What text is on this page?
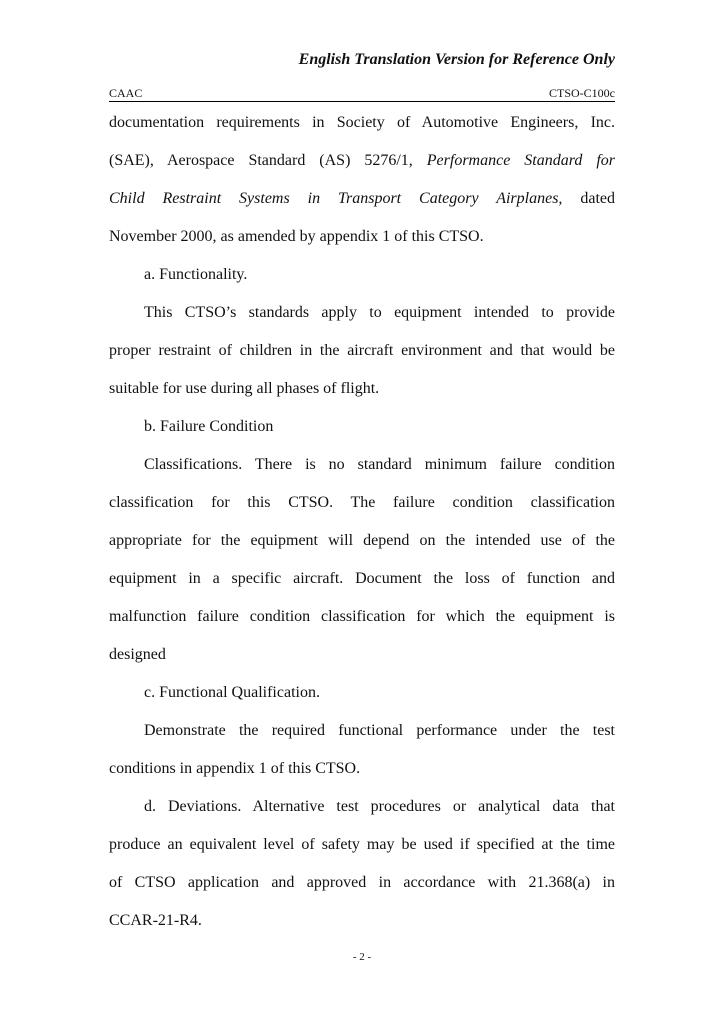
English Translation Version for Reference Only
CAAC	CTSO-C100c
documentation requirements in Society of Automotive Engineers, Inc.
(SAE), Aerospace Standard (AS) 5276/1, Performance Standard for
Child Restraint Systems in Transport Category Airplanes, dated
November 2000, as amended by appendix 1 of this CTSO.
a. Functionality.
This CTSO’s standards apply to equipment intended to provide
proper restraint of children in the aircraft environment and that would be
suitable for use during all phases of flight.
b. Failure Condition
Classifications. There is no standard minimum failure condition
classification for this CTSO. The failure condition classification
appropriate for the equipment will depend on the intended use of the
equipment in a specific aircraft. Document the loss of function and
malfunction failure condition classification for which the equipment is
designed
c. Functional Qualification.
Demonstrate the required functional performance under the test
conditions in appendix 1 of this CTSO.
d. Deviations. Alternative test procedures or analytical data that
produce an equivalent level of safety may be used if specified at the time
of CTSO application and approved in accordance with 21.368(a) in
CCAR-21-R4.
- 2 -
